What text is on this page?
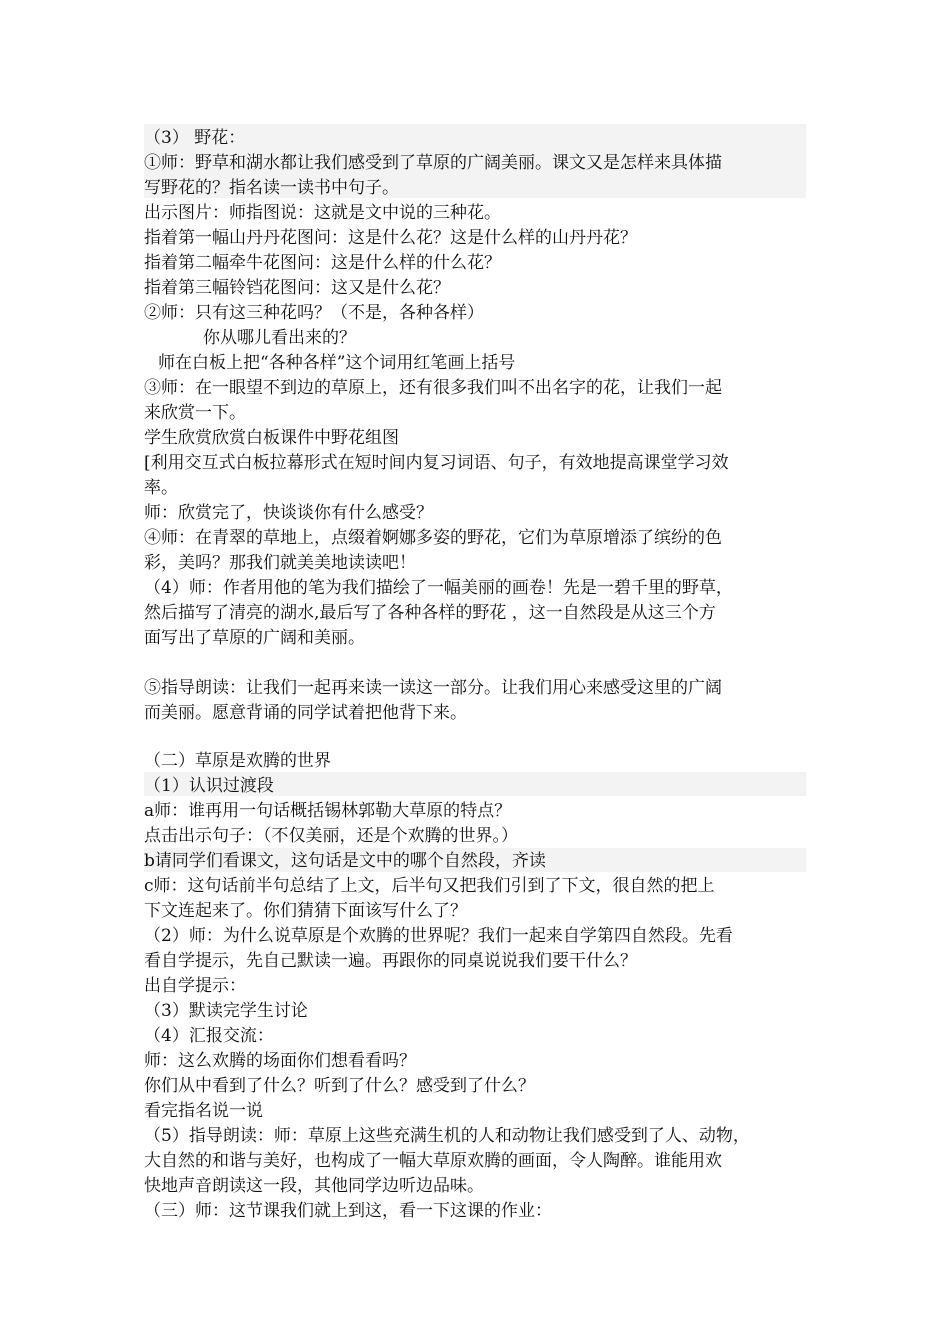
（3） 野花：
①师：野草和湖水都让我们感受到了草原的广阔美丽。课文又是怎样来具体描
写野花的？指名读一读书中句子。
出示图片：师指图说：这就是文中说的三种花。
指着第一幅山丹丹花图问：这是什么花？这是什么样的山丹丹花？
指着第二幅牵牛花图问：这是什么样的什么花？
指着第三幅铃铛花图问：这又是什么花？
②师：只有这三种花吗？（不是，各种各样）
你从哪儿看出来的？
师在白板上把“各种各样”这个词用红笔画上括号
③师：在一眼望不到边的草原上，还有很多我们叫不出名字的花，让我们一起
来欣赏一下。
学生欣赏欣赏白板课件中野花组图
[利用交互式白板拉幕形式在短时间内复习词语、句子，有效地提高课堂学习效
率。
师：欣赏完了，快谈谈你有什么感受？
④师：在青翠的草地上，点缀着婀娜多姿的野花，它们为草原增添了缤纷的色
彩，美吗？那我们就美美地读读吧！
（4）师：作者用他的笔为我们描绘了一幅美丽的画卷！先是一碧千里的野草，
然后描写了清亮的湖水,最后写了各种各样的野花 ，这一自然段是从这三个方
面写出了草原的广阔和美丽。
⑤指导朗读：让我们一起再来读一读这一部分。让我们用心来感受这里的广阔
而美丽。愿意背诵的同学试着把他背下来。
（二）草原是欢腾的世界
（1）认识过渡段
a师：谁再用一句话概括锡林郭勒大草原的特点？
点击出示句子：（不仅美丽，还是个欢腾的世界。）
b请同学们看课文，这句话是文中的哪个自然段，齐读
c师：这句话前半句总结了上文，后半句又把我们引到了下文，很自然的把上
下文连起来了。你们猜猜下面该写什么了？
（2）师：为什么说草原是个欢腾的世界呢？我们一起来自学第四自然段。先看
看自学提示，先自己默读一遍。再跟你的同桌说说我们要干什么？
出自学提示：
（3）默读完学生讨论
（4）汇报交流：
师：这么欢腾的场面你们想看看吗？
你们从中看到了什么？听到了什么？感受到了什么？
看完指名说一说
（5）指导朗读：师：草原上这些充满生机的人和动物让我们感受到了人、动物，
大自然的和谐与美好，也构成了一幅大草原欢腾的画面，令人陶醉。谁能用欢
快地声音朗读这一段，其他同学边听边品味。
（三）师：这节课我们就上到这，看一下这课的作业：
